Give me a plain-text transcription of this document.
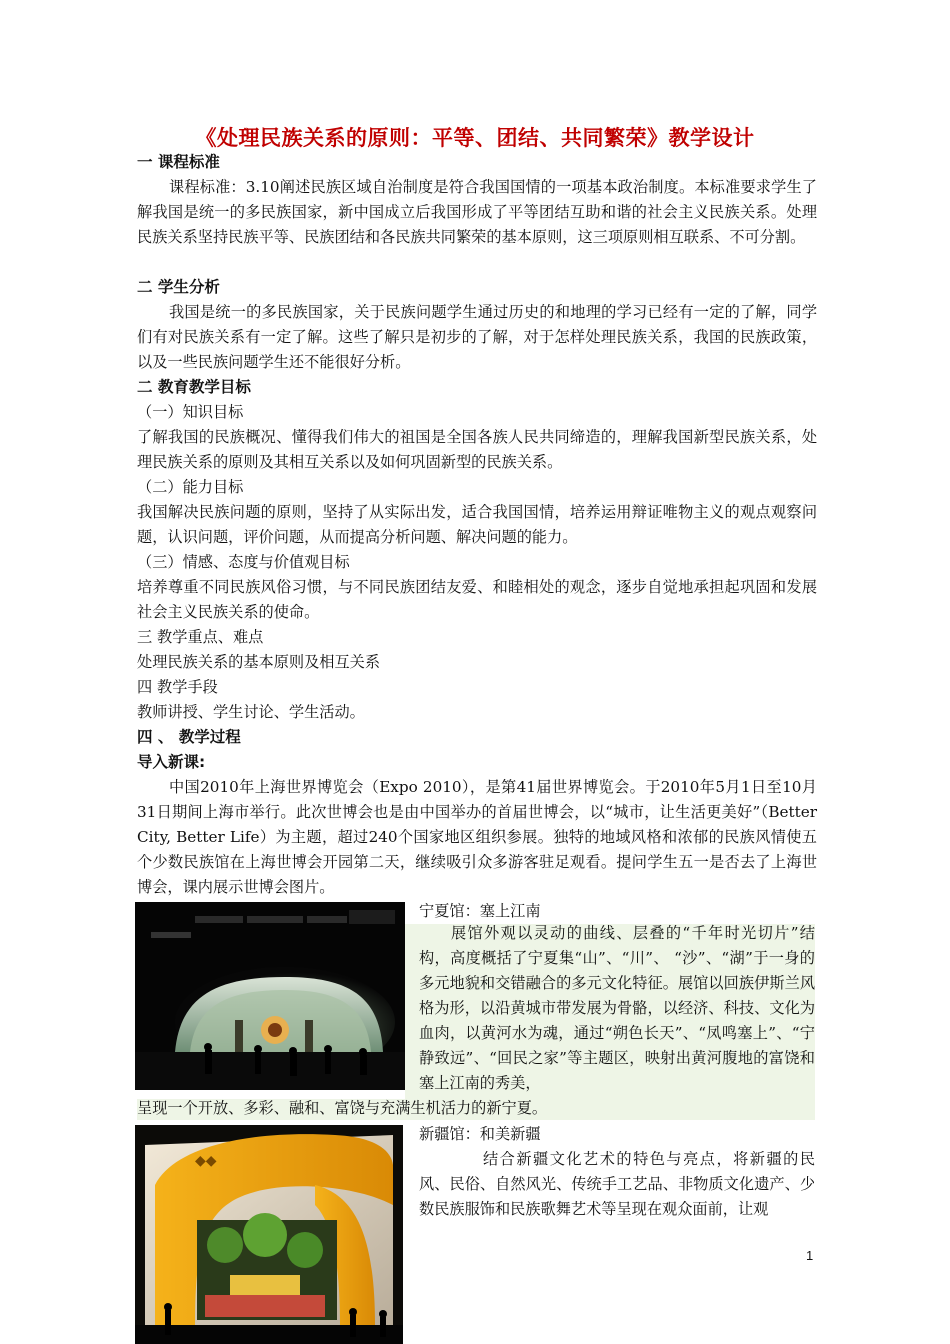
《处理民族关系的原则：平等、团结、共同繁荣》教学设计
一 课程标准

课程标准：3.10阐述民族区域自治制度是符合我国国情的一项基本政治制度。本标准要求学生了解我国是统一的多民族国家，新中国成立后我国形成了平等团结互助和谐的社会主义民族关系。处理民族关系坚持民族平等、民族团结和各民族共同繁荣的基本原则，这三项原则相互联系、不可分割。

二 学生分析

我国是统一的多民族国家，关于民族问题学生通过历史的和地理的学习已经有一定的了解，同学们有对民族关系有一定了解。这些了解只是初步的了解，对于怎样处理民族关系，我国的民族政策，以及一些民族问题学生还不能很好分析。

二 教育教学目标
（一）知识目标

了解我国的民族概况、懂得我们伟大的祖国是全国各族人民共同缔造的，理解我国新型民族关系，处理民族关系的原则及其相互关系以及如何巩固新型的民族关系。

（二）能力目标

我国解决民族问题的原则，坚持了从实际出发，适合我国国情，培养运用辩证唯物主义的观点观察问题，认识问题，评价问题，从而提高分析问题、解决问题的能力。

（三）情感、态度与价值观目标

培养尊重不同民族风俗习惯，与不同民族团结友爱、和睦相处的观念，逐步自觉地承担起巩固和发展社会主义民族关系的使命。

三 教学重点、难点
处理民族关系的基本原则及相互关系
四 教学手段
教师讲授、学生讨论、学生活动。
四 、 教学过程
导入新课:

中国2010年上海世界博览会（Expo 2010），是第41届世界博览会。于2010年5月1日至10月31日期间上海市举行。此次世博会也是由中国举办的首届世博会，以“城市，让生活更美好”（Better City, Better Life）为主题，超过240个国家地区组织参展。独特的地域风格和浓郁的民族风情使五个少数民族馆在上海世博会开园第二天，继续吸引众多游客驻足观看。提问学生五一是否去了上海世博会，课内展示世博会图片。

宁夏馆：塞上江南
展馆外观以灵动的曲线、层叠的“千年时光切片”结构，高度概括了宁夏集“山”、“川”、 “沙”、“湖”于一身的多元地貌和交错融合的多元文化特征。展馆以回族伊斯兰风格为形，以沿黄城市带发展为骨骼，以经济、科技、文化为血肉，以黄河水为魂，通过“朔色长天”、“凤鸣塞上”、“宁静致远”、“回民之家”等主题区，映射出黄河腹地的富饶和塞上江南的秀美，
呈现一个开放、多彩、融和、富饶与充满生机活力的新宁夏。
◆◆
新疆馆：和美新疆
结合新疆文化艺术的特色与亮点，将新疆的民风、民俗、自然风光、传统手工艺品、非物质文化遗产、少数民族服饰和民族歌舞艺术等呈现在观众面前，让观
1
